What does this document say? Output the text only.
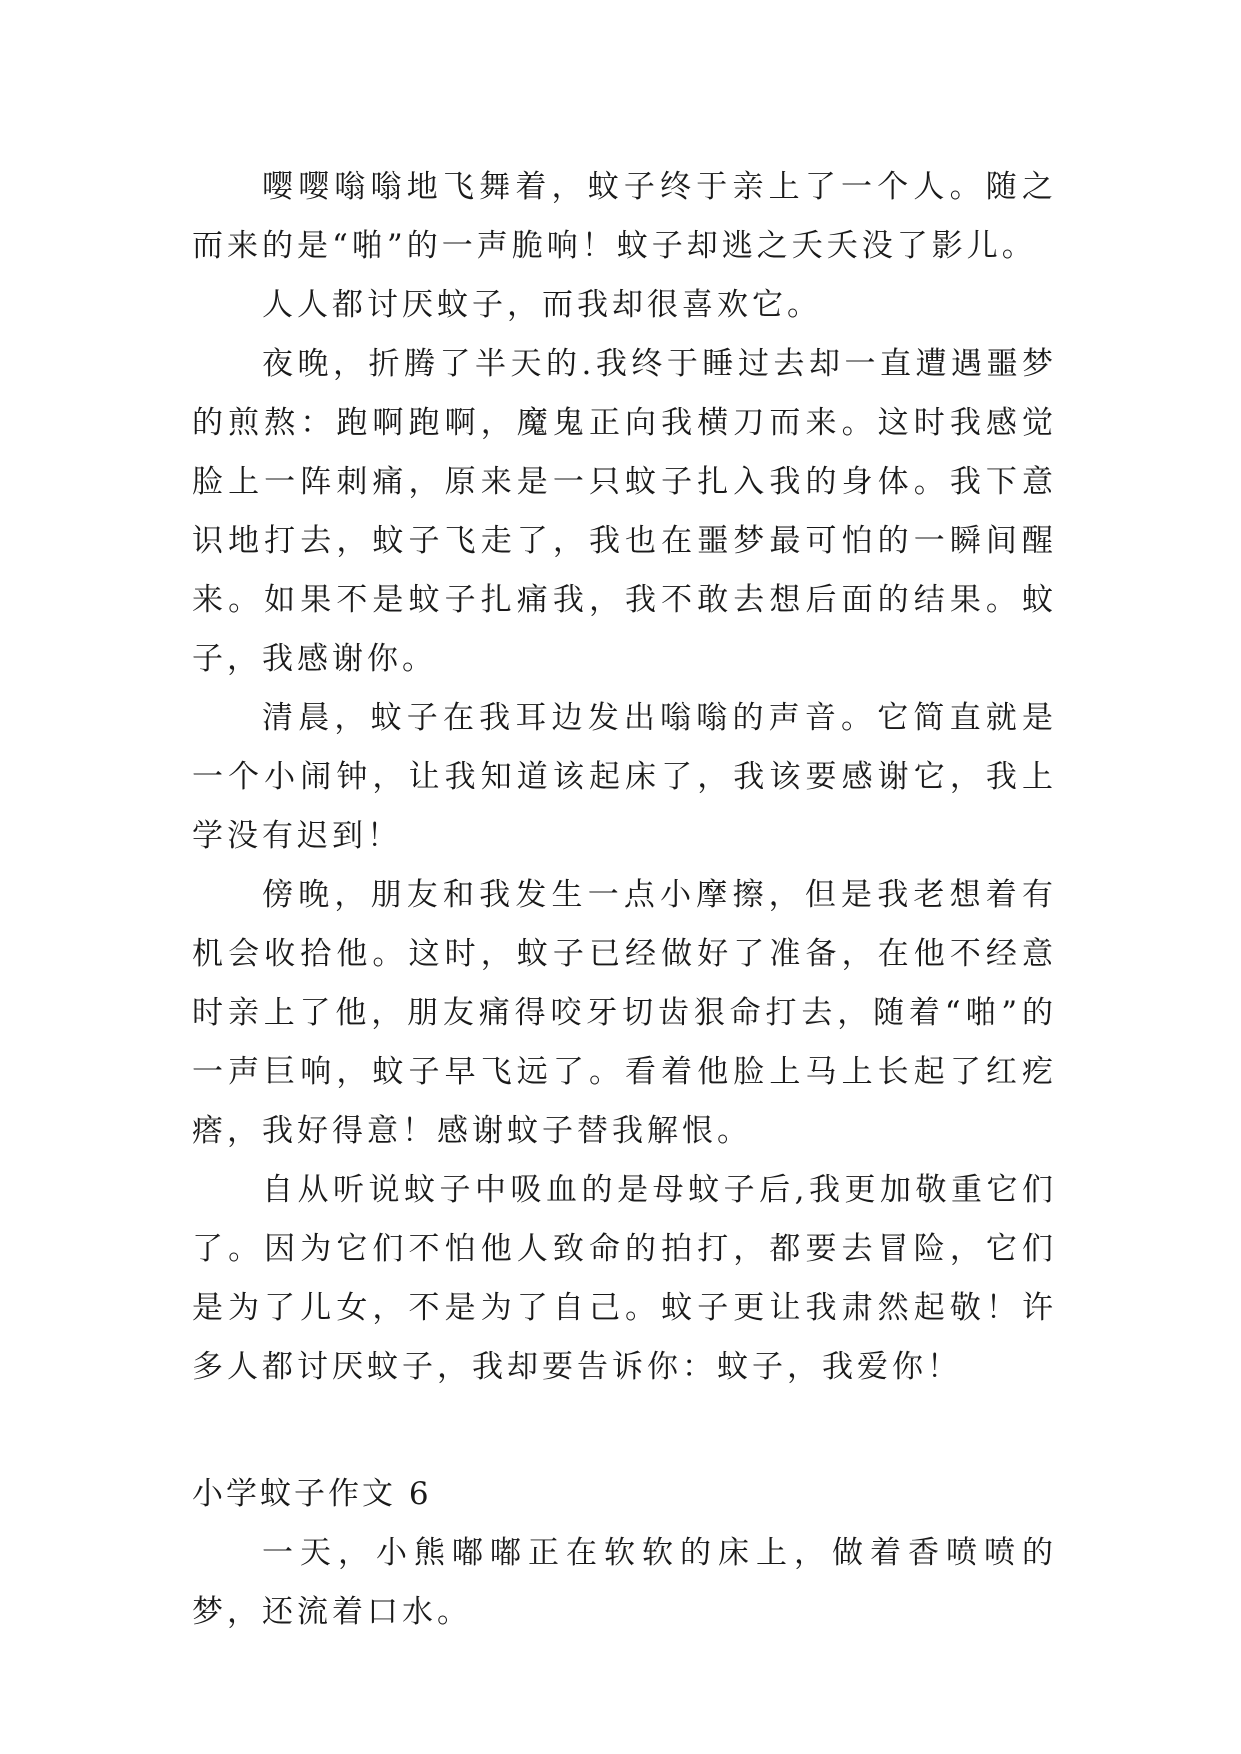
嘤嘤嗡嗡地飞舞着，蚊子终于亲上了一个人。随之而来的是“啪”的一声脆响！蚊子却逃之夭夭没了影儿。

人人都讨厌蚊子，而我却很喜欢它。

夜晚，折腾了半天的.我终于睡过去却一直遭遇噩梦的煎熬：跑啊跑啊，魔鬼正向我横刀而来。这时我感觉脸上一阵刺痛，原来是一只蚊子扎入我的身体。我下意识地打去，蚊子飞走了，我也在噩梦最可怕的一瞬间醒来。如果不是蚊子扎痛我，我不敢去想后面的结果。蚊子，我感谢你。

清晨，蚊子在我耳边发出嗡嗡的声音。它简直就是一个小闹钟，让我知道该起床了，我该要感谢它，我上学没有迟到！

傍晚，朋友和我发生一点小摩擦，但是我老想着有机会收拾他。这时，蚊子已经做好了准备，在他不经意时亲上了他，朋友痛得咬牙切齿狠命打去，随着“啪”的一声巨响，蚊子早飞远了。看着他脸上马上长起了红疙瘩，我好得意！感谢蚊子替我解恨。

自从听说蚊子中吸血的是母蚊子后,我更加敬重它们了。因为它们不怕他人致命的拍打，都要去冒险，它们是为了儿女，不是为了自己。蚊子更让我肃然起敬！许多人都讨厌蚊子，我却要告诉你：蚊子，我爱你！

小学蚊子作文 6

一天，小熊嘟嘟正在软软的床上，做着香喷喷的梦，还流着口水。
